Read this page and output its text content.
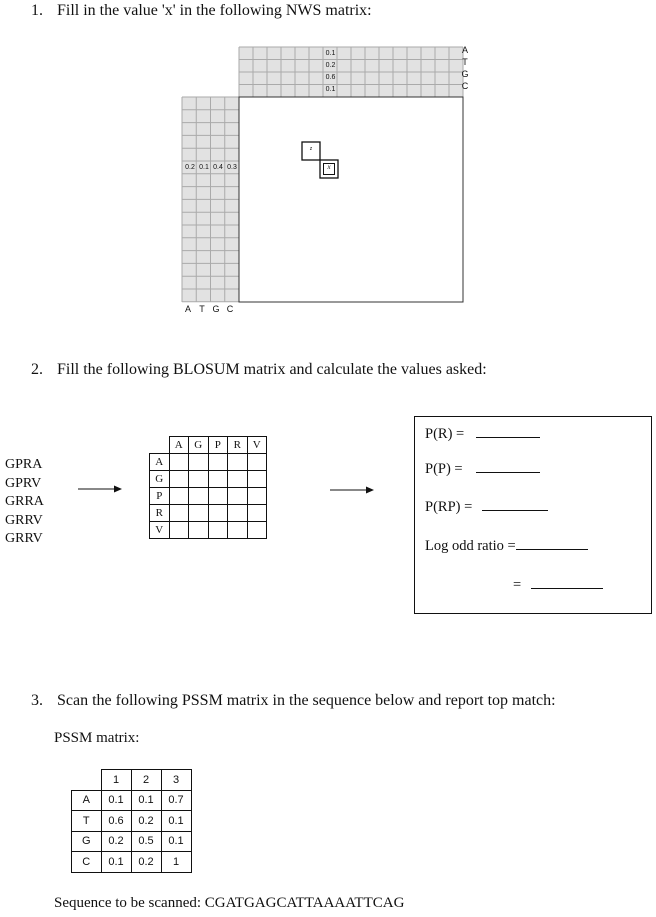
1. Fill in the value 'x' in the following NWS matrix:
0.1
0.2
0.6
0.1
A
T
G
C
0.2 0.1 0.4 0.3
A T G C
z
x
2. Fill the following BLOSUM matrix and calculate the values asked:
GPRA
GPRV
GRRA
GRRV
GRRV
	A	G	P	R	V
A					
G					
P					
R					
V					
P(R) =
P(P) =
P(RP) =
Log odd ratio =
=
3. Scan the following PSSM matrix in the sequence below and report top match:
PSSM matrix:
	1	2	3
A	0.1	0.1	0.7
T	0.6	0.2	0.1
G	0.2	0.5	0.1
C	0.1	0.2	1
Sequence to be scanned: CGATGAGCATTAAAATTCAG
